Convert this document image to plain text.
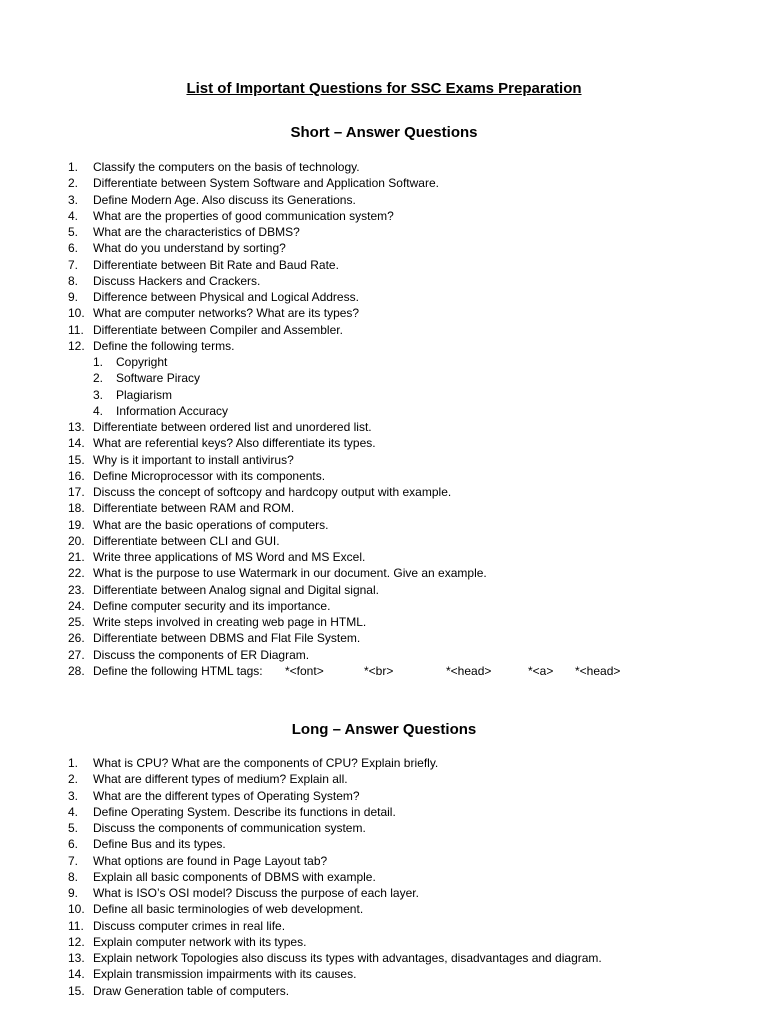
List of Important Questions for SSC Exams Preparation
Short – Answer Questions
1. Classify the computers on the basis of technology.
2. Differentiate between System Software and Application Software.
3. Define Modern Age. Also discuss its Generations.
4. What are the properties of good communication system?
5. What are the characteristics of DBMS?
6. What do you understand by sorting?
7. Differentiate between Bit Rate and Baud Rate.
8. Discuss Hackers and Crackers.
9. Difference between Physical and Logical Address.
10. What are computer networks? What are its types?
11. Differentiate between Compiler and Assembler.
12. Define the following terms.
1. Copyright
2. Software Piracy
3. Plagiarism
4. Information Accuracy
13. Differentiate between ordered list and unordered list.
14. What are referential keys? Also differentiate its types.
15. Why is it important to install antivirus?
16. Define Microprocessor with its components.
17. Discuss the concept of softcopy and hardcopy output with example.
18. Differentiate between RAM and ROM.
19. What are the basic operations of computers.
20. Differentiate between CLI and GUI.
21. Write three applications of MS Word and MS Excel.
22. What is the purpose to use Watermark in our document. Give an example.
23. Differentiate between Analog signal and Digital signal.
24. Define computer security and its importance.
25. Write steps involved in creating web page in HTML.
26. Differentiate between DBMS and Flat File System.
27. Discuss the components of ER Diagram.
28. Define the following HTML tags: *<font>	*<br>	*<head>	*<a> *<head>
Long – Answer Questions
1. What is CPU? What are the components of CPU? Explain briefly.
2. What are different types of medium? Explain all.
3. What are the different types of Operating System?
4. Define Operating System. Describe its functions in detail.
5. Discuss the components of communication system.
6. Define Bus and its types.
7. What options are found in Page Layout tab?
8. Explain all basic components of DBMS with example.
9. What is ISO’s OSI model? Discuss the purpose of each layer.
10. Define all basic terminologies of web development.
11. Discuss computer crimes in real life.
12. Explain computer network with its types.
13. Explain network Topologies also discuss its types with advantages, disadvantages and diagram.
14. Explain transmission impairments with its causes.
15. Draw Generation table of computers.
